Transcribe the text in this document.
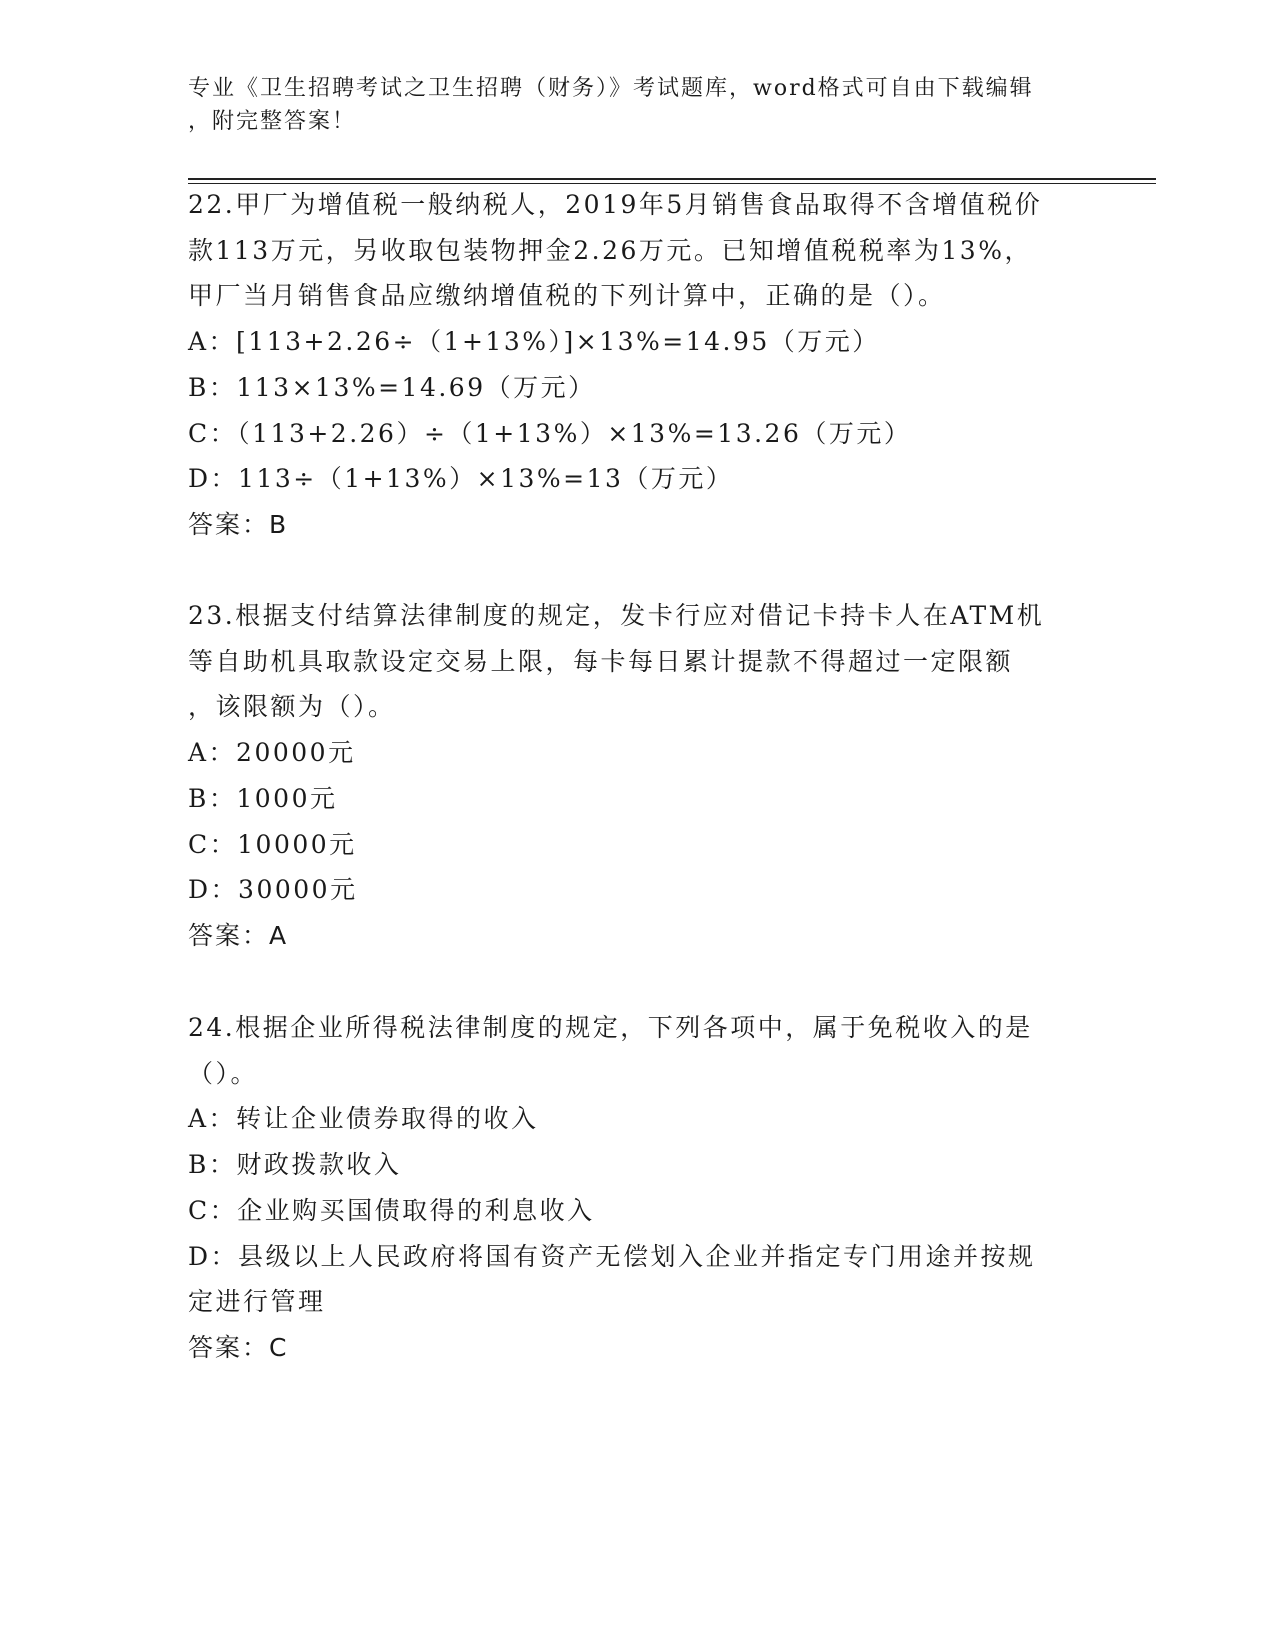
专业《卫生招聘考试之卫生招聘（财务）》考试题库，word格式可自由下载编辑
，附完整答案！
22.甲厂为增值税一般纳税人，2019年5月销售食品取得不含增值税价
款113万元，另收取包装物押金2.26万元。已知增值税税率为13%，
甲厂当月销售食品应缴纳增值税的下列计算中，正确的是（）。
A：[113+2.26÷（1+13%）]×13%=14.95（万元）
B：113×13%=14.69（万元）
C：（113+2.26）÷（1+13%）×13%=13.26（万元）
D：113÷（1+13%）×13%=13（万元）
答案：B
23.根据支付结算法律制度的规定，发卡行应对借记卡持卡人在ATM机
等自助机具取款设定交易上限，每卡每日累计提款不得超过一定限额
，该限额为（）。
A：20000元
B：1000元
C：10000元
D：30000元
答案：A
24.根据企业所得税法律制度的规定，下列各项中，属于免税收入的是
（）。
A：转让企业债券取得的收入
B：财政拨款收入
C：企业购买国债取得的利息收入
D：县级以上人民政府将国有资产无偿划入企业并指定专门用途并按规
定进行管理
答案：C
